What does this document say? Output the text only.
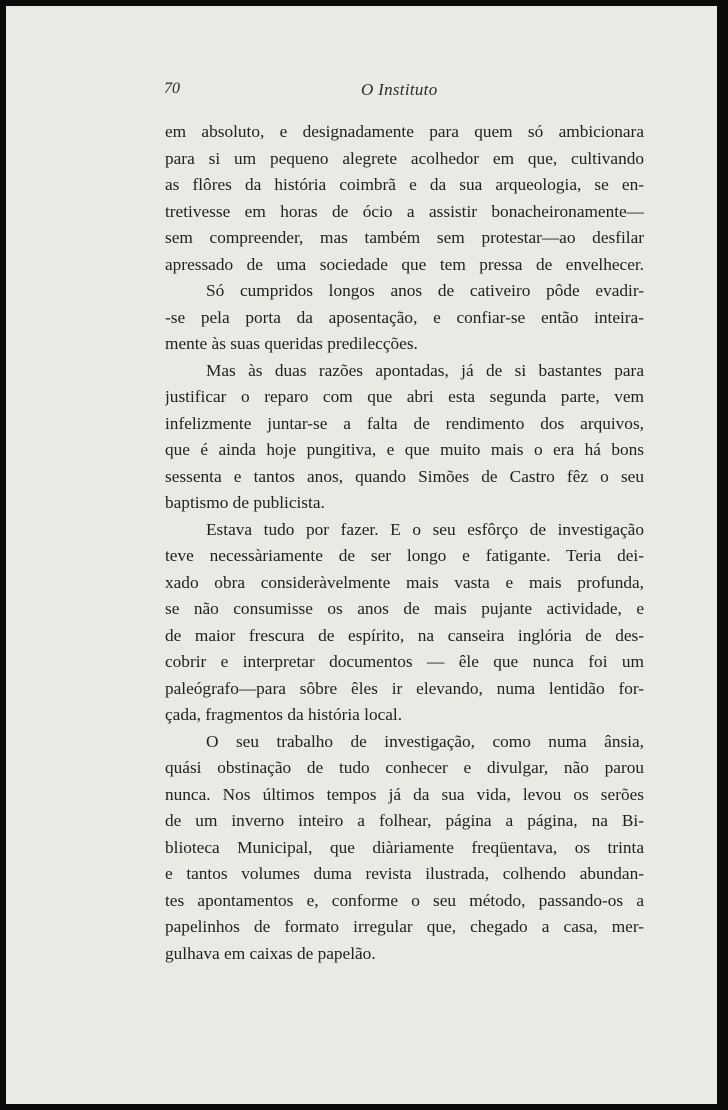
70	O Instituto
em absoluto, e designadamente para quem só ambicionara
para si um pequeno alegrete acolhedor em que, cultivando
as flôres da história coimbrã e da sua arqueologia, se en-
tretivesse em horas de ócio a assistir bonacheironamente—
sem compreender, mas também sem protestar—ao desfilar
apressado de uma sociedade que tem pressa de envelhecer.
Só cumpridos longos anos de cativeiro pôde evadir-
-se pela porta da aposentação, e confiar-se então inteira-
mente às suas queridas predilecções.
Mas às duas razões apontadas, já de si bastantes para
justificar o reparo com que abri esta segunda parte, vem
infelizmente juntar-se a falta de rendimento dos arquivos,
que é ainda hoje pungitiva, e que muito mais o era há bons
sessenta e tantos anos, quando Simões de Castro fêz o seu
baptismo de publicista.
Estava tudo por fazer. E o seu esfôrço de investigação
teve necessàriamente de ser longo e fatigante. Teria dei-
xado obra consideràvelmente mais vasta e mais profunda,
se não consumisse os anos de mais pujante actividade, e
de maior frescura de espírito, na canseira inglória de des-
cobrir e interpretar documentos — êle que nunca foi um
paleógrafo—para sôbre êles ir elevando, numa lentidão for-
çada, fragmentos da história local.
O seu trabalho de investigação, como numa ânsia,
quási obstinação de tudo conhecer e divulgar, não parou
nunca. Nos últimos tempos já da sua vida, levou os serões
de um inverno inteiro a folhear, página a página, na Bi-
blioteca Municipal, que diàriamente freqüentava, os trinta
e tantos volumes duma revista ilustrada, colhendo abundan-
tes apontamentos e, conforme o seu método, passando-os a
papelinhos de formato irregular que, chegado a casa, mer-
gulhava em caixas de papelão.
